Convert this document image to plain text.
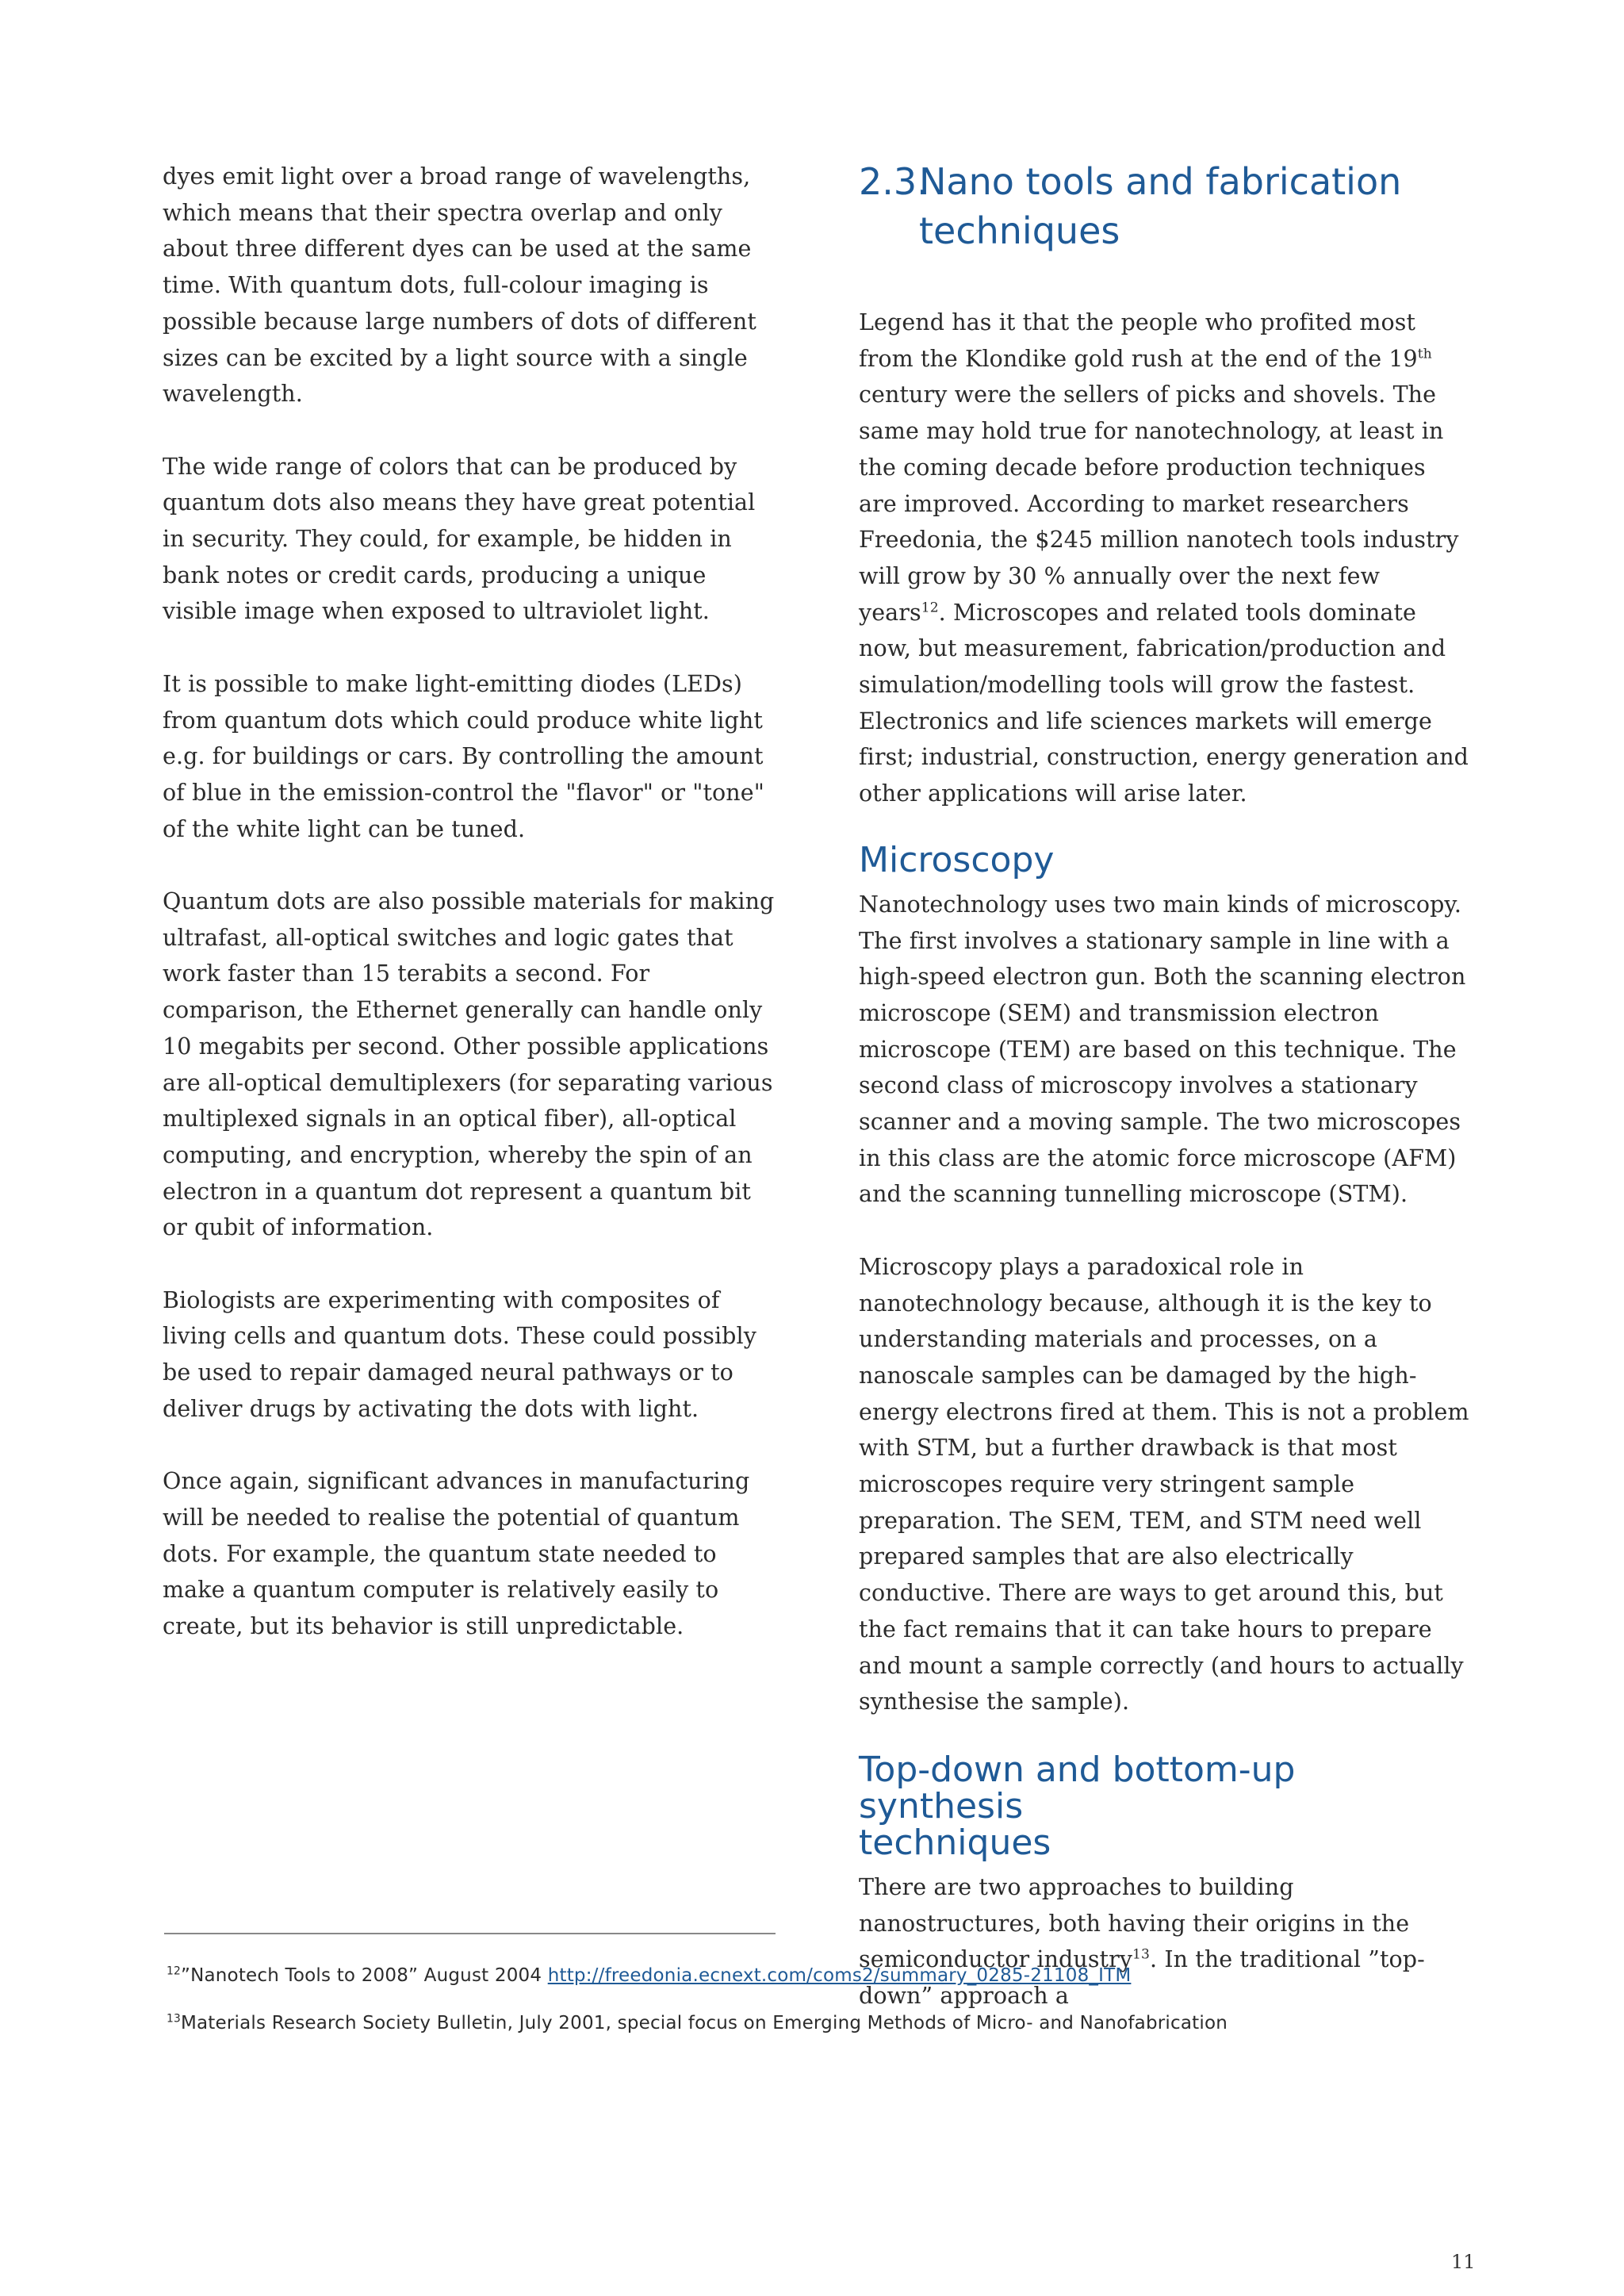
dyes emit light over a broad range of wavelengths, which means that their spectra overlap and only about three different dyes can be used at the same time. With quantum dots, full-colour imaging is possible because large numbers of dots of different sizes can be excited by a light source with a single wavelength.

The wide range of colors that can be produced by quantum dots also means they have great potential in security. They could, for example, be hidden in bank notes or credit cards, producing a unique visible image when exposed to ultraviolet light.

It is possible to make light-emitting diodes (LEDs) from quantum dots which could produce white light e.g. for buildings or cars. By controlling the amount of blue in the emission-control the "flavor" or "tone" of the white light can be tuned.

Quantum dots are also possible materials for making ultrafast, all-optical switches and logic gates that work faster than 15 terabits a second. For comparison, the Ethernet generally can handle only 10 megabits per second. Other possible applications are all-optical demultiplexers (for separating various multiplexed signals in an optical fiber), all-optical computing, and encryption, whereby the spin of an electron in a quantum dot represent a quantum bit or qubit of information.

Biologists are experimenting with composites of living cells and quantum dots. These could possibly be used to repair damaged neural pathways or to deliver drugs by activating the dots with light.

Once again, significant advances in manufacturing will be needed to realise the potential of quantum dots. For example, the quantum state needed to make a quantum computer is relatively easily to create, but its behavior is still unpredictable.

2.3.Nano tools and fabrication
techniques

Legend has it that the people who profited most from the Klondike gold rush at the end of the 19th century were the sellers of picks and shovels. The same may hold true for nanotechnology, at least in the coming decade before production techniques are improved. According to market researchers Freedonia, the $245 million nanotech tools industry will grow by 30 % annually over the next few years$^{12}$. Microscopes and related tools dominate now, but measurement, fabrication/production and simulation/modelling tools will grow the fastest. Electronics and life sciences markets will emerge first; industrial, construction, energy generation and other applications will arise later.

Microscopy

Nanotechnology uses two main kinds of microscopy. The first involves a stationary sample in line with a high-speed electron gun. Both the scanning electron microscope (SEM) and transmission electron microscope (TEM) are based on this technique. The second class of microscopy involves a stationary scanner and a moving sample. The two microscopes in this class are the atomic force microscope (AFM) and the scanning tunnelling microscope (STM).

Microscopy plays a paradoxical role in nanotechnology because, although it is the key to understanding materials and processes, on a nanoscale samples can be damaged by the high-energy electrons fired at them. This is not a problem with STM, but a further drawback is that most microscopes require very stringent sample preparation. The SEM, TEM, and STM need well prepared samples that are also electrically conductive. There are ways to get around this, but the fact remains that it can take hours to prepare and mount a sample correctly (and hours to actually synthesise the sample).

Top-down and bottom-up synthesis
techniques

There are two approaches to building nanostructures, both having their origins in the semiconductor industry$^{13}$. In the traditional ”top-down” approach a

$^{12}$”Nanotech Tools to 2008” August 2004 http://freedonia.ecnext.com/coms2/summary_0285-21108_ITM
$^{13}$Materials Research Society Bulletin, July 2001, special focus on Emerging Methods of Micro- and Nanofabrication
11
